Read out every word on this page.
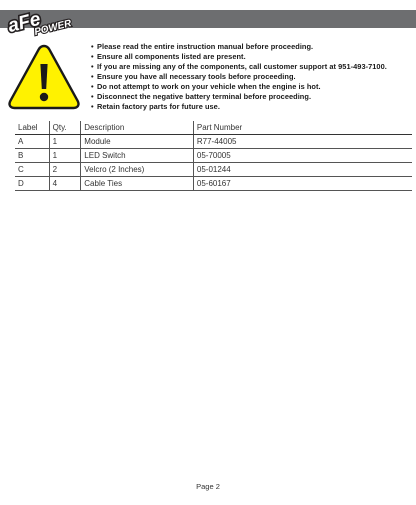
aFe
POWER
• Please read the entire instruction manual before proceeding.
• Ensure all components listed are present.
• If you are missing any of the components, call customer support at 951-493-7100.
• Ensure you have all necessary tools before proceeding.
• Do not attempt to work on your vehicle when the engine is hot.
• Disconnect the negative battery terminal before proceeding.
• Retain factory parts for future use.
Label	Qty.	Description	Part Number
A	1	Module	R77-44005
B	1	LED Switch	05-70005
C	2	Velcro (2 Inches)	05-01244
D	4	Cable Ties	05-60167
Page 2
